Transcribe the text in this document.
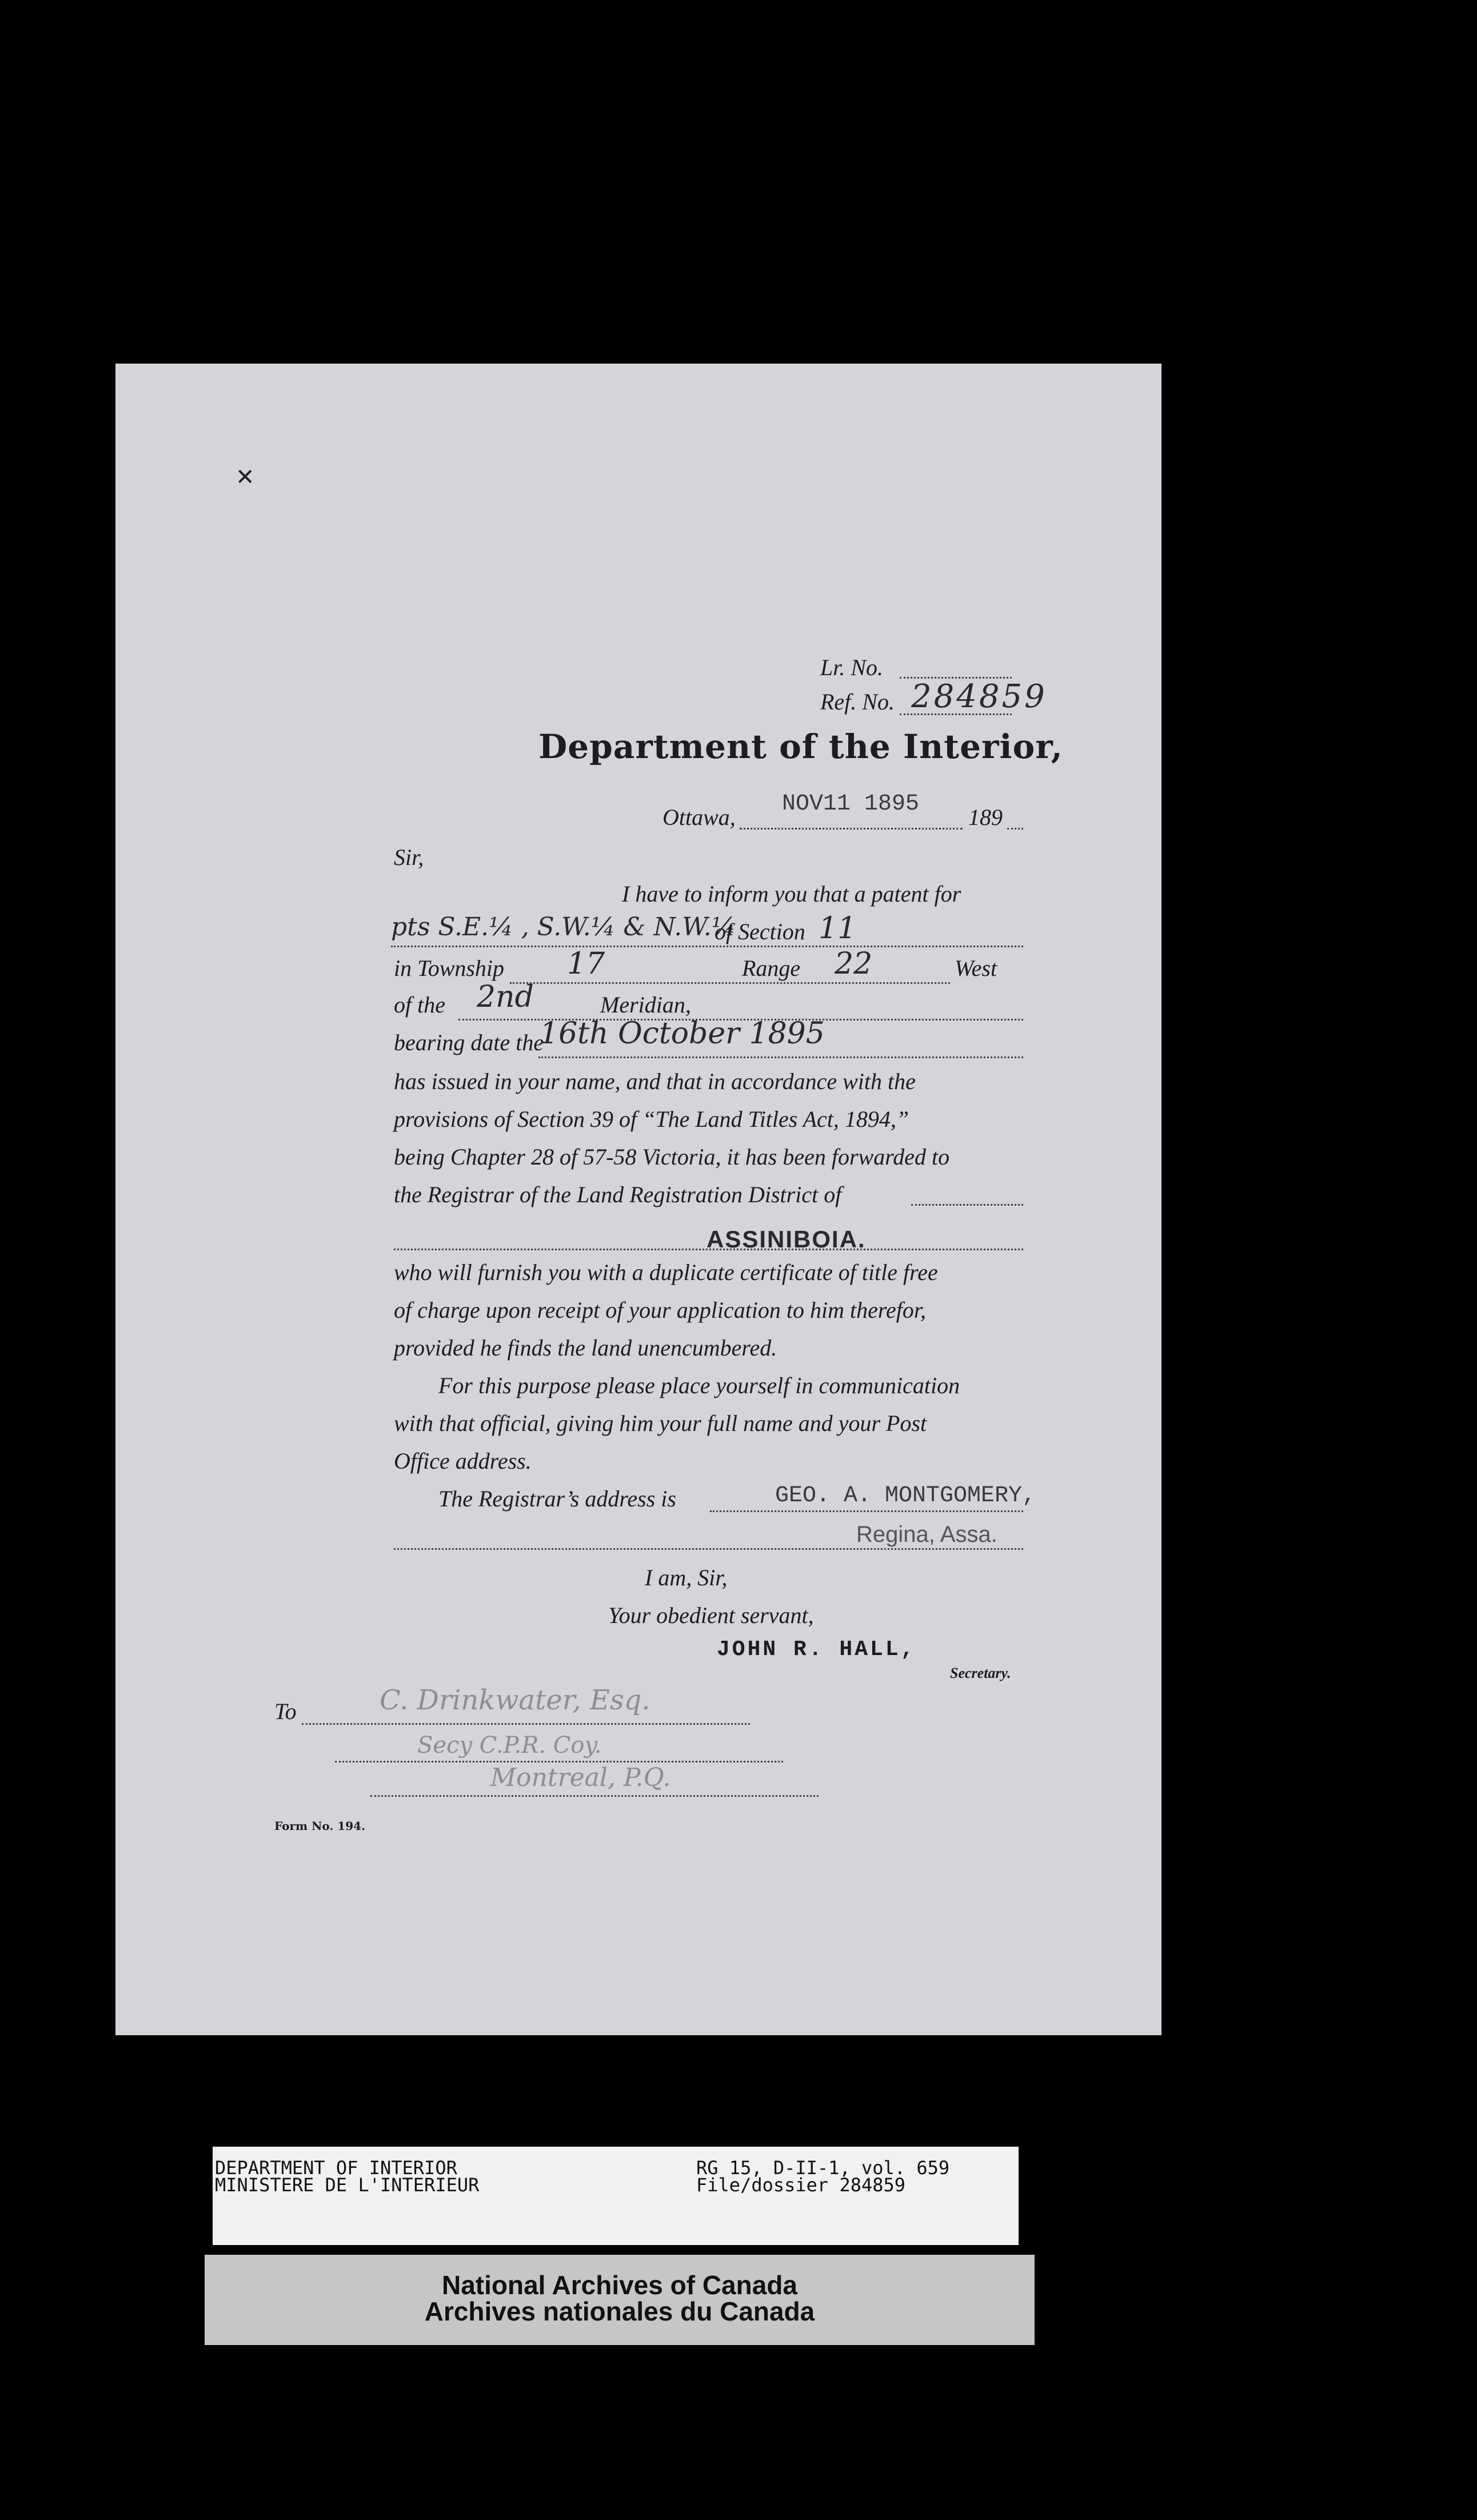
✕
Lr. No.
Ref. No. 284859
Department of the Interior,
Ottawa,
NOV11 1895
189
Sir,
I have to inform you that a patent for
pts S.E.¼ , S.W.¼ & N.W.¼
of Section 11
in Township 17	Range 22	West
of the 2nd	Meridian,
bearing date the
16th October 1895
has issued in your name, and that in accordance with the
provisions of Section 39 of “The Land Titles Act, 1894,”
being Chapter 28 of 57-58 Victoria, it has been forwarded to
the Registrar of the Land Registration District of
ASSINIBOIA.
who will furnish you with a duplicate certificate of title free
of charge upon receipt of your application to him therefor,
provided he finds the land unencumbered.
For this purpose please place yourself in communication
with that official, giving him your full name and your Post
Office address.
The Registrar’s address is	GEO. A. MONTGOMERY,
Regina, Assa.
I am, Sir,
Your obedient servant,
JOHN R. HALL,
Secretary.
To	C. Drinkwater, Esq.
Secy C.P.R. Coy.
Montreal, P.Q.
Form No. 194.
DEPARTMENT OF INTERIOR
MINISTERE DE L'INTERIEUR
RG 15, D-II-1, vol. 659
File/dossier 284859
National Archives of Canada
Archives nationales du Canada
